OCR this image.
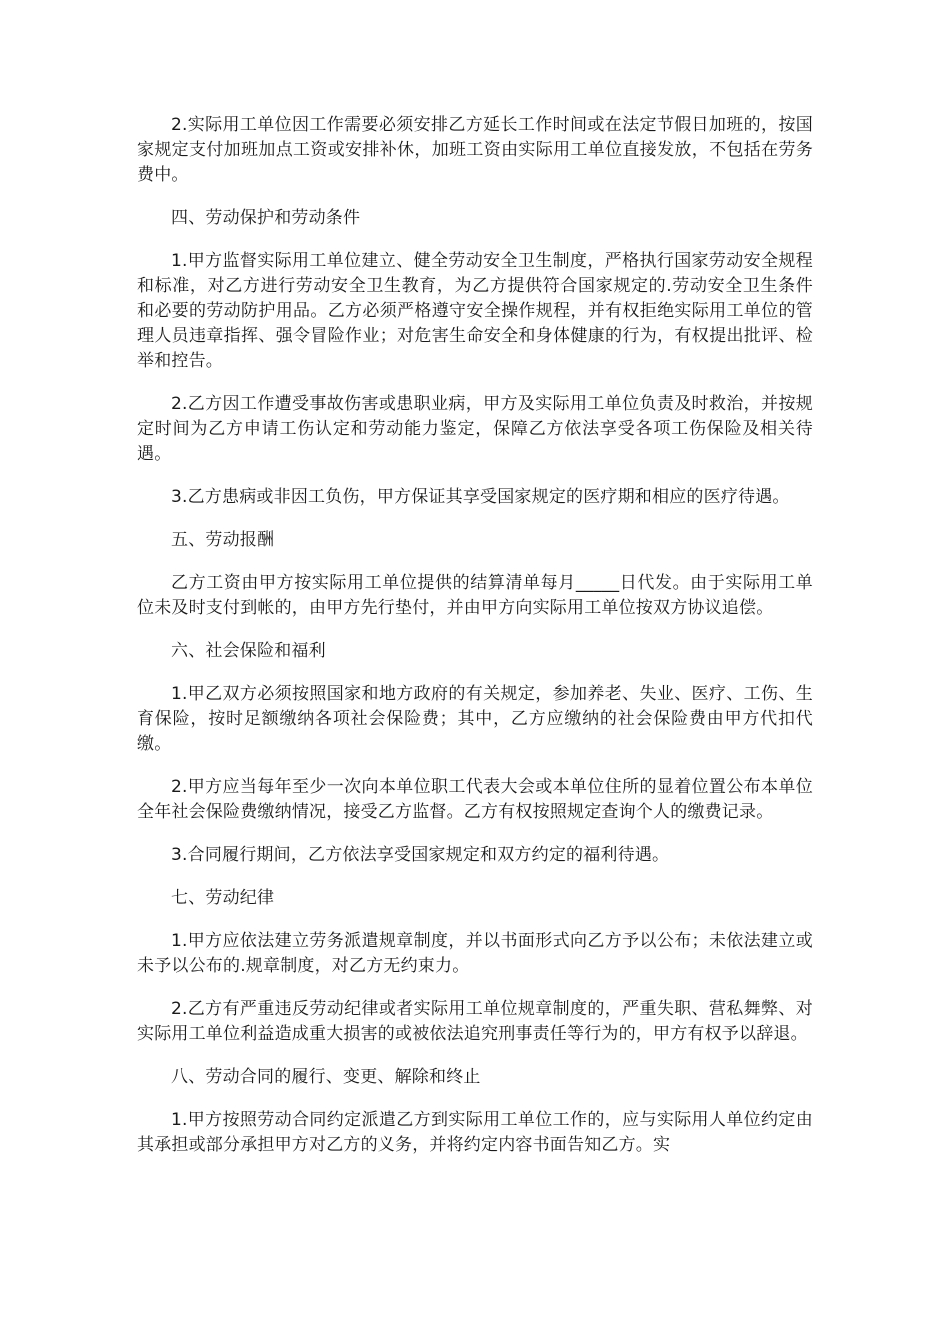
2.实际用工单位因工作需要必须安排乙方延长工作时间或在法定节假日加班的，按国家规定支付加班加点工资或安排补休，加班工资由实际用工单位直接发放，不包括在劳务费中。

四、劳动保护和劳动条件

1.甲方监督实际用工单位建立、健全劳动安全卫生制度，严格执行国家劳动安全规程和标准，对乙方进行劳动安全卫生教育，为乙方提供符合国家规定的.劳动安全卫生条件和必要的劳动防护用品。乙方必须严格遵守安全操作规程，并有权拒绝实际用工单位的管理人员违章指挥、强令冒险作业；对危害生命安全和身体健康的行为，有权提出批评、检举和控告。

2.乙方因工作遭受事故伤害或患职业病，甲方及实际用工单位负责及时救治，并按规定时间为乙方申请工伤认定和劳动能力鉴定，保障乙方依法享受各项工伤保险及相关待遇。

3.乙方患病或非因工负伤，甲方保证其享受国家规定的医疗期和相应的医疗待遇。

五、劳动报酬

乙方工资由甲方按实际用工单位提供的结算清单每月_____日代发。由于实际用工单位未及时支付到帐的，由甲方先行垫付，并由甲方向实际用工单位按双方协议追偿。

六、社会保险和福利

1.甲乙双方必须按照国家和地方政府的有关规定，参加养老、失业、医疗、工伤、生育保险，按时足额缴纳各项社会保险费；其中，乙方应缴纳的社会保险费由甲方代扣代缴。

2.甲方应当每年至少一次向本单位职工代表大会或本单位住所的显着位置公布本单位全年社会保险费缴纳情况，接受乙方监督。乙方有权按照规定查询个人的缴费记录。

3.合同履行期间，乙方依法享受国家规定和双方约定的福利待遇。

七、劳动纪律

1.甲方应依法建立劳务派遣规章制度，并以书面形式向乙方予以公布；未依法建立或未予以公布的.规章制度，对乙方无约束力。

2.乙方有严重违反劳动纪律或者实际用工单位规章制度的，严重失职、营私舞弊、对实际用工单位利益造成重大损害的或被依法追究刑事责任等行为的，甲方有权予以辞退。

八、劳动合同的履行、变更、解除和终止

1.甲方按照劳动合同约定派遣乙方到实际用工单位工作的，应与实际用人单位约定由其承担或部分承担甲方对乙方的义务，并将约定内容书面告知乙方。实
